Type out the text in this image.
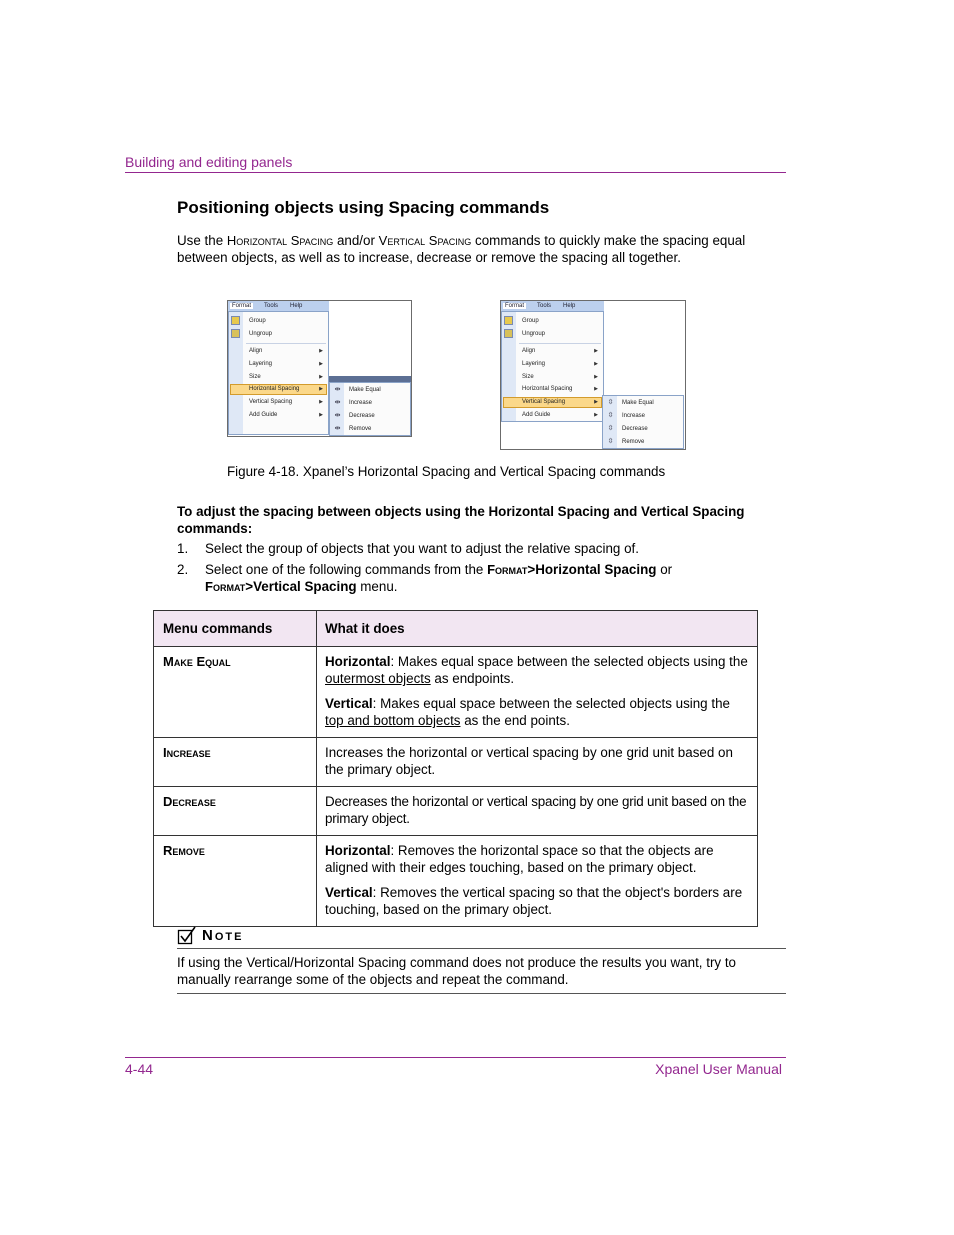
Building and editing panels
Positioning objects using Spacing commands
Use the Horizontal Spacing and/or Vertical Spacing commands to quickly make the spacing equal between objects, as well as to increase, decrease or remove the spacing all together.
Format	Tools Help
Group
Ungroup
Align	▶
Layering	▶
Size	▶
Horizontal Spacing	▶
Vertical Spacing	▶
Add Guide	▶
⇹ Make Equal
⇹ Increase
⇹ Decrease
⇹ Remove
Format	Tools Help
Group
Ungroup
Align	▶
Layering	▶
Size	▶
Horizontal Spacing	▶
Vertical Spacing	▶
Add Guide	▶
⇳ Make Equal
⇳ Increase
⇳ Decrease
⇳ Remove
Figure 4-18. Xpanel’s Horizontal Spacing and Vertical Spacing commands
To adjust the spacing between objects using the Horizontal Spacing and Vertical Spacing commands:
1. Select the group of objects that you want to adjust the relative spacing of.
2. Select one of the following commands from the Format>Horizontal Spacing or Format>Vertical Spacing menu.
Menu commands	What it does

Make Equal	Horizontal: Makes equal space between the selected objects using the outermost objects as endpoints.
Vertical: Makes equal space between the selected objects using the top and bottom objects as the end points.

Increase	Increases the horizontal or vertical spacing by one grid unit based on the primary object.

Decrease	Decreases the horizontal or vertical spacing by one grid unit based on the primary object.

Remove	Horizontal: Removes the horizontal space so that the objects are aligned with their edges touching, based on the primary object.
Vertical: Removes the vertical spacing so that the object's borders are touching, based on the primary object.
Note
If using the Vertical/Horizontal Spacing command does not produce the results you want, try to manually rearrange some of the objects and repeat the command.
4-44	Xpanel User Manual
